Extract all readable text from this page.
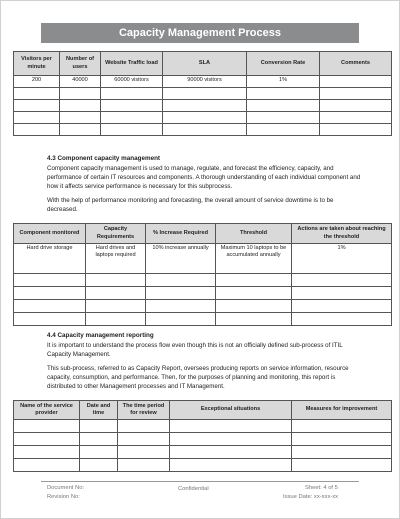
Capacity Management Process
Visitors per minute	Number of users	Website Traffic load	SLA	Conversion Rate	Comments
200	40000	60000 visitors	90000 visitors	1%	

4.3 Component capacity management
Component capacity management is used to manage, regulate, and forecast the efficiency, capacity, and performance of certain IT resources and components. A thorough understanding of each individual component and how it affects service performance is necessary for this subprocess.
With the help of performance monitoring and forecasting, the overall amount of service downtime is to be decreased.
Component monitored	Capacity Requirements	% Increase Required	Threshold	Actions are taken about reaching the threshold
Hard drive storage	Hard drives and laptops required	10% increase annually	Maximum 10 laptops to be accumulated annually	1%

4.4 Capacity management reporting
It is important to understand the process flow even though this is not an officially defined sub-process of ITIL Capacity Management.
This sub-process, referred to as Capacity Report, oversees producing reports on service information, resource capacity, consumption, and performance. Then, for the purposes of planning and monitoring, this report is distributed to other Management processes and IT Management.
Name of the service provider	Date and time	The time period for review	Exceptional situations	Measures for improvement

Document No:
Revision No:
Confidential	Sheet: 4 of 5
Issue Date: xx-xxx-xx
